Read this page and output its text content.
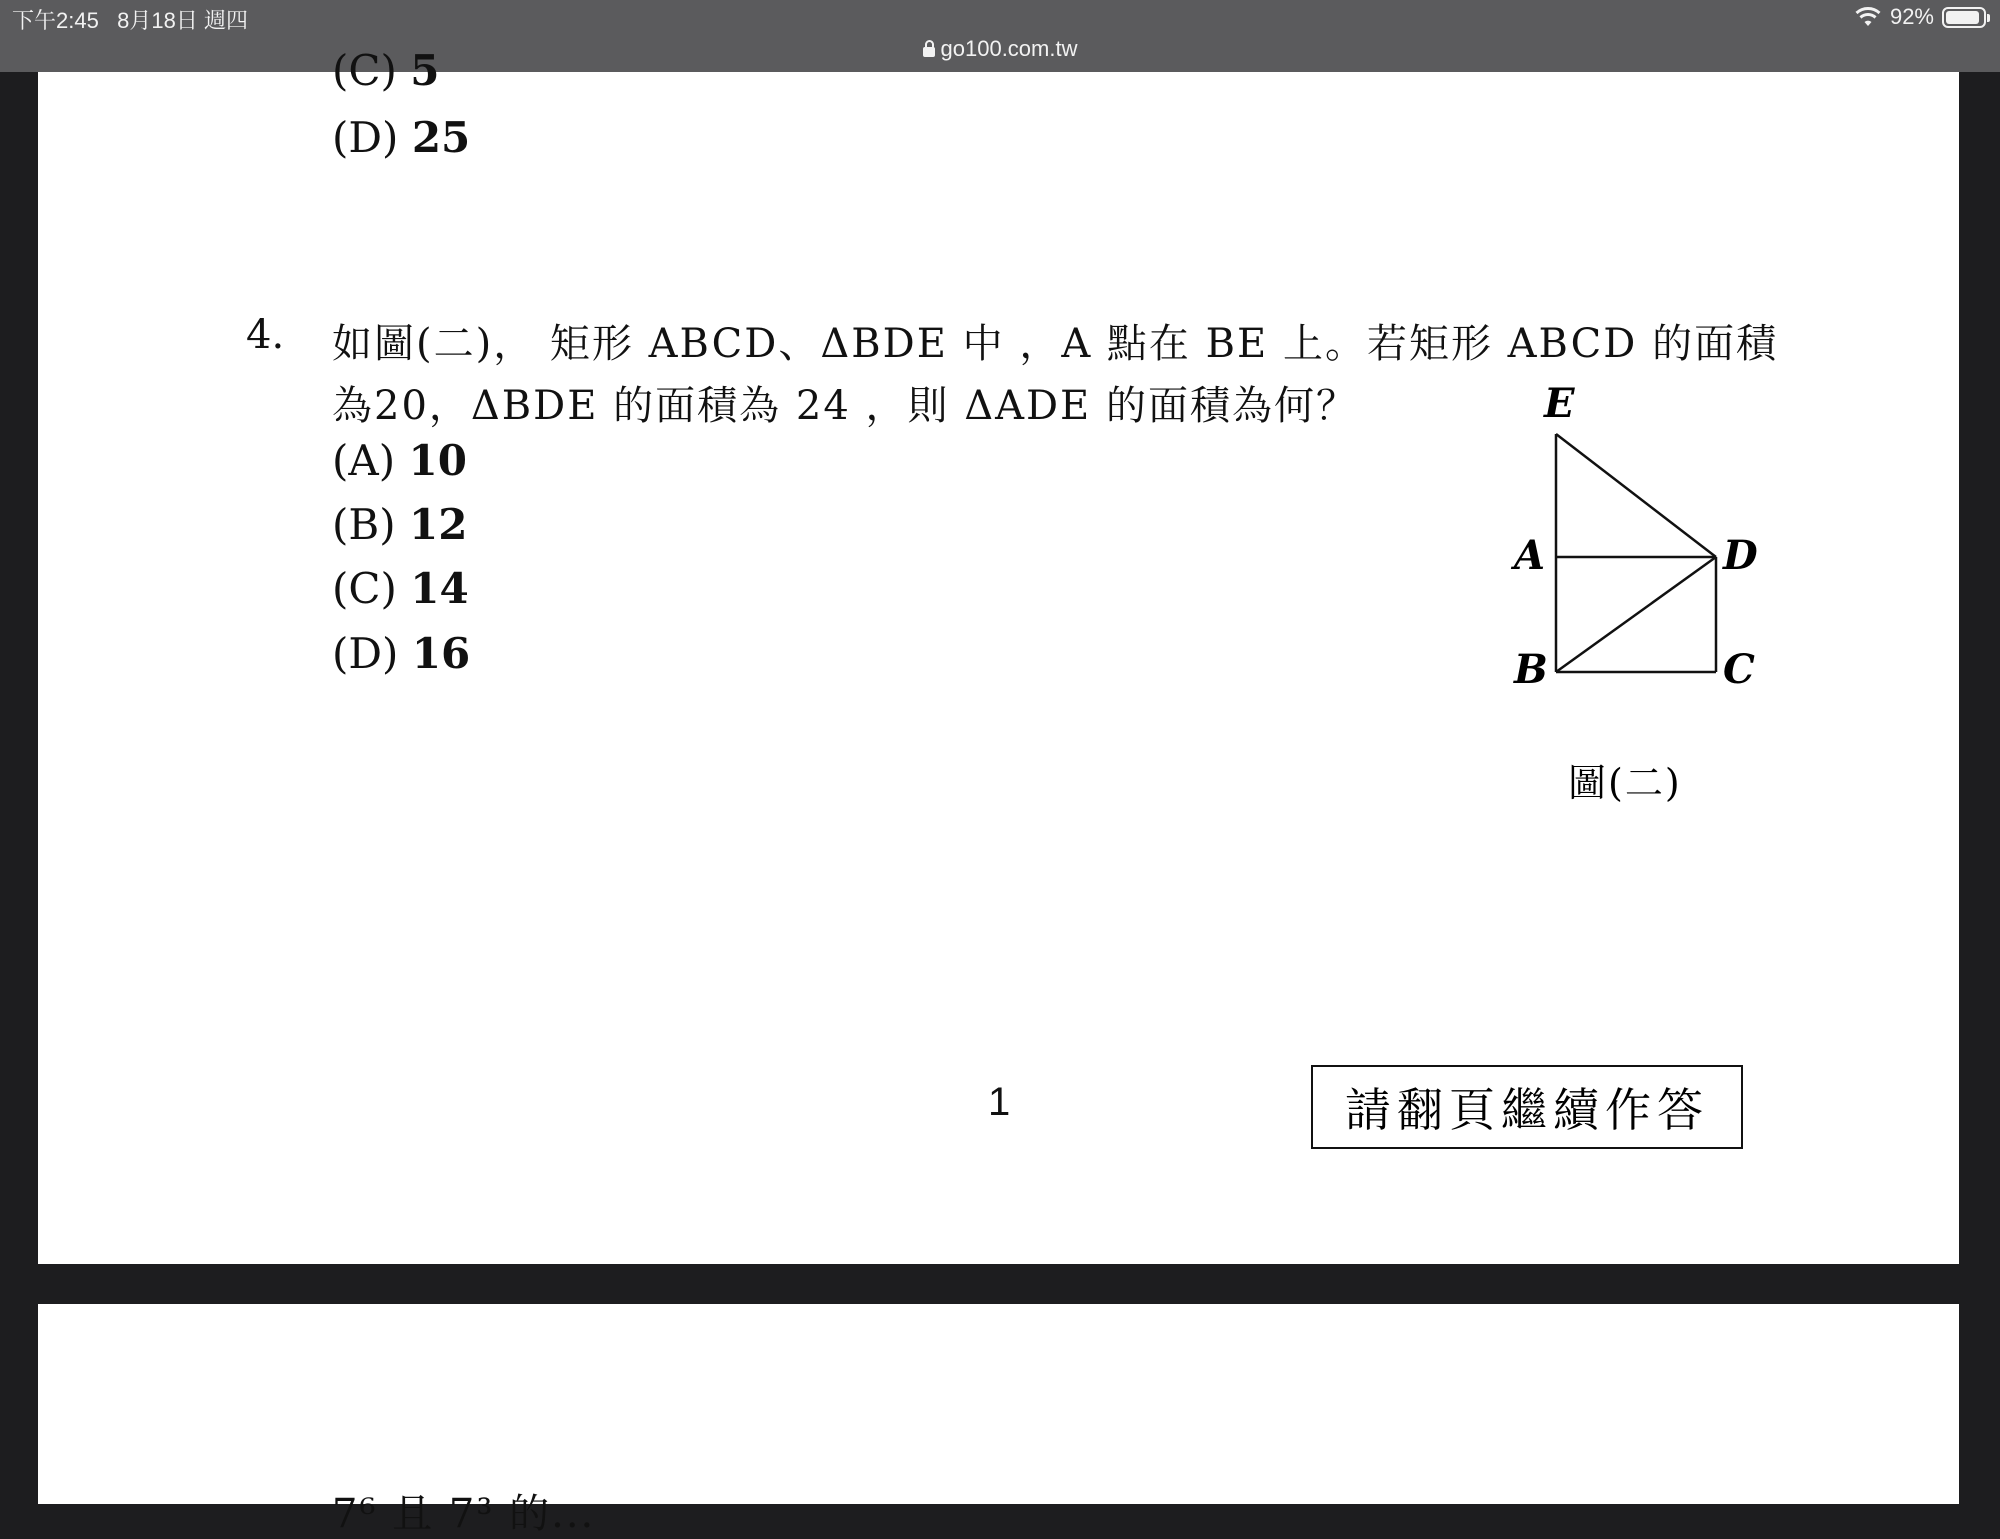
下午2:45 8月18日 週四	92%
go100.com.tw
(C) 5
(D) 25
4. 如圖(二)， 矩形 ABCD、ΔBDE 中 ，A 點在 BE 上。若矩形 ABCD 的面積
為20，ΔBDE 的面積為 24 ，則 ΔADE 的面積為何？
(A) 10
(B) 12
(C) 14
(D) 16
E
A	D
B	C
圖(二)
1	請翻頁繼續作答
7⁶ 且 7³ 的...
